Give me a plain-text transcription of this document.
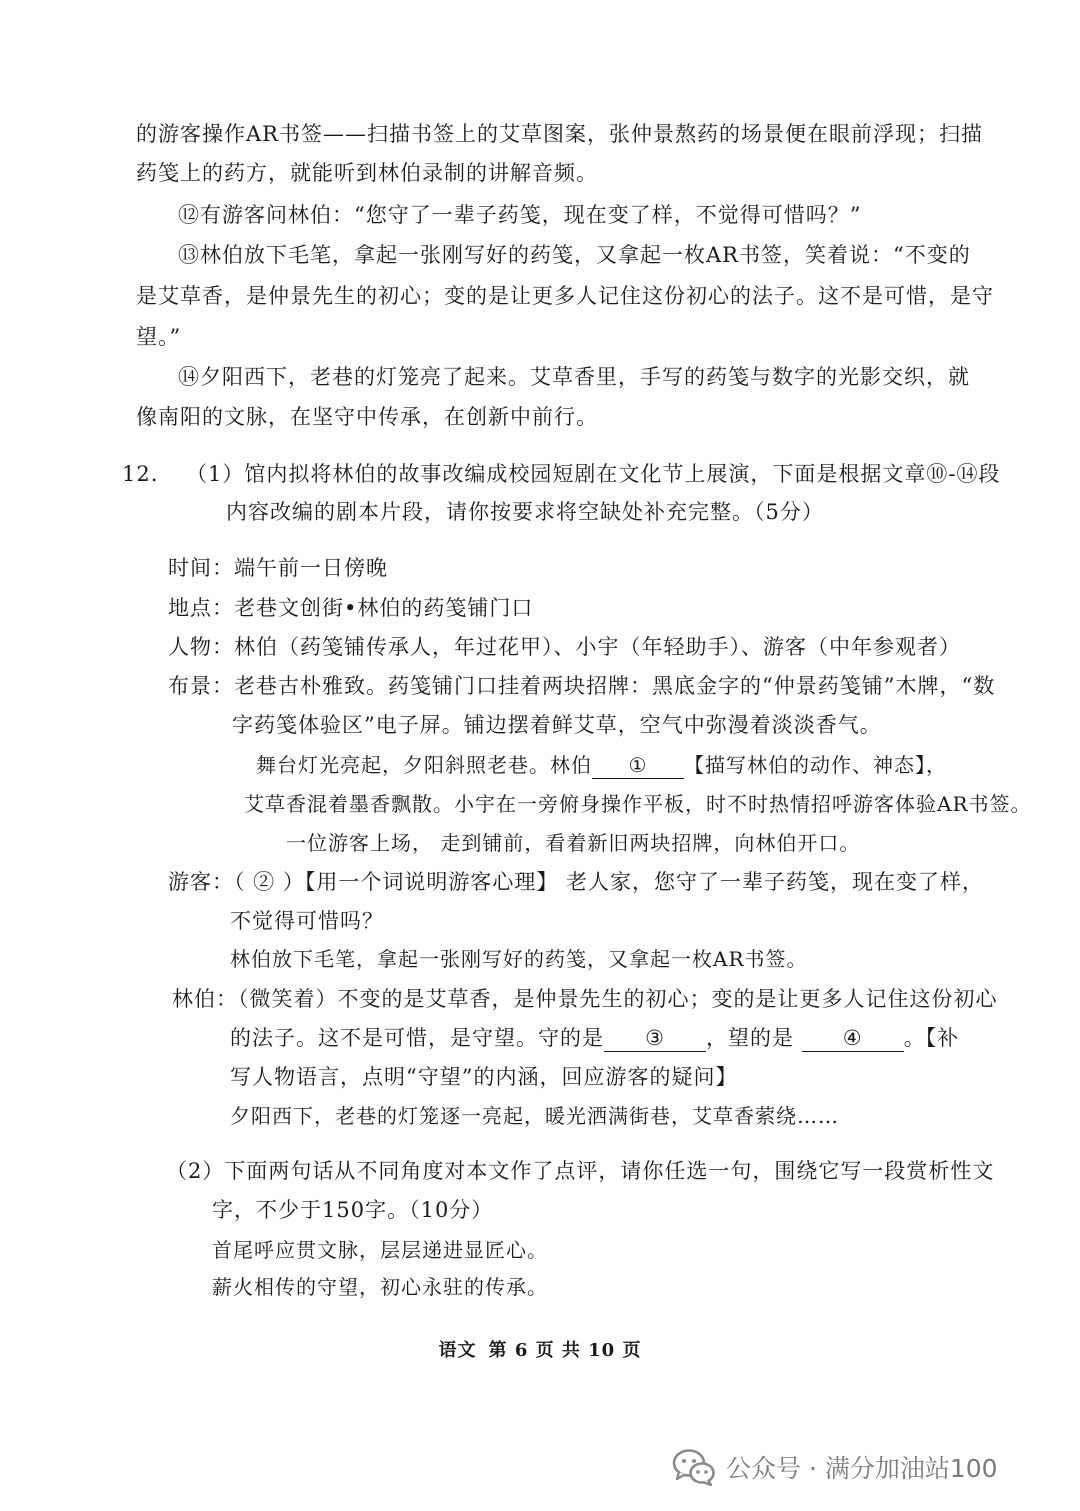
的游客操作AR书签——扫描书签上的艾草图案，张仲景熬药的场景便在眼前浮现；扫描
药笺上的药方，就能听到林伯录制的讲解音频。
⑫有游客问林伯：“您守了一辈子药笺，现在变了样，不觉得可惜吗？”
⑬林伯放下毛笔，拿起一张刚写好的药笺，又拿起一枚AR书签，笑着说：“不变的
是艾草香，是仲景先生的初心；变的是让更多人记住这份初心的法子。这不是可惜，是守
望。”
⑭夕阳西下，老巷的灯笼亮了起来。艾草香里，手写的药笺与数字的光影交织，就
像南阳的文脉，在坚守中传承，在创新中前行。
12. （1）馆内拟将林伯的故事改编成校园短剧在文化节上展演，下面是根据文章⑩-⑭段
内容改编的剧本片段，请你按要求将空缺处补充完整。（5分）
时间：端午前一日傍晚
地点：老巷文创街•林伯的药笺铺门口
人物：林伯（药笺铺传承人，年过花甲）、小宇（年轻助手）、游客（中年参观者）
布景：老巷古朴雅致。药笺铺门口挂着两块招牌：黑底金字的“仲景药笺铺”木牌，“数
字药笺体验区”电子屏。铺边摆着鲜艾草，空气中弥漫着淡淡香气。
舞台灯光亮起，夕阳斜照老巷。林伯 ① 【描写林伯的动作、神态】，
艾草香混着墨香飘散。小宇在一旁俯身操作平板，时不时热情招呼游客体验AR书签。
一位游客上场， 走到铺前，看着新旧两块招牌，向林伯开口。
游客：（ ② ）【用一个词说明游客心理】 老人家，您守了一辈子药笺，现在变了样，
不觉得可惜吗？
林伯放下毛笔，拿起一张刚写好的药笺，又拿起一枚AR书签。
林伯：（微笑着）不变的是艾草香，是仲景先生的初心；变的是让更多人记住这份初心
的法子。这不是可惜，是守望。守的是 ③ ，望的是 ④ 。【补
写人物语言，点明“守望”的内涵，回应游客的疑问】
夕阳西下，老巷的灯笼逐一亮起，暖光洒满街巷，艾草香萦绕……
（2）下面两句话从不同角度对本文作了点评，请你任选一句，围绕它写一段赏析性文
字，不少于150字。（10分）
首尾呼应贯文脉，层层递进显匠心。
薪火相传的守望，初心永驻的传承。
语文 第 6 页 共 10 页
公众号 · 满分加油站100
